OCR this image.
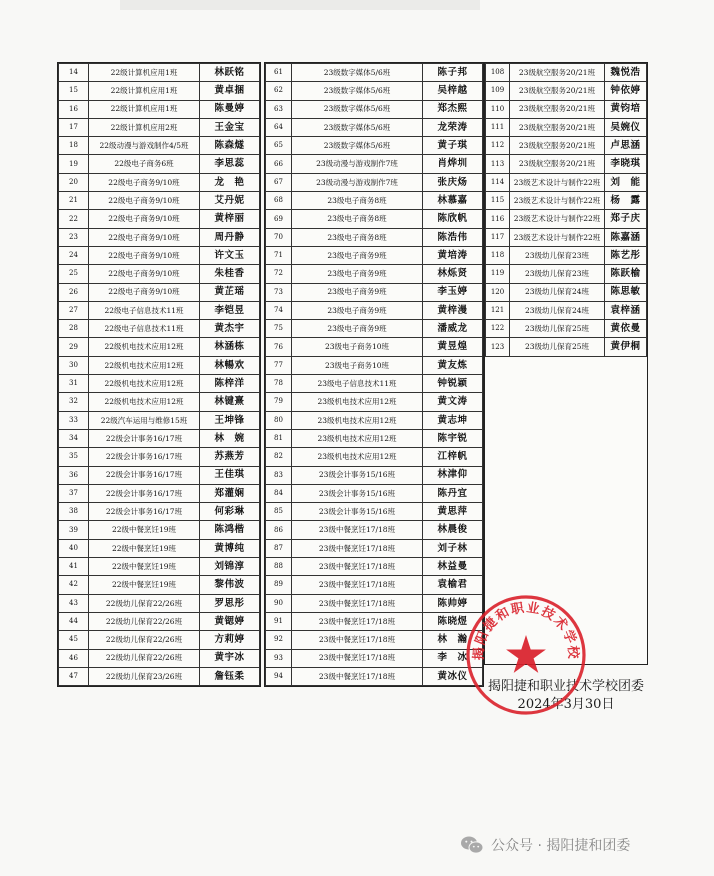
14	22级计算机应用1班	林跃铭
15	22级计算机应用1班	黄卓捆
16	22级计算机应用1班	陈曼婷
17	22级计算机应用2班	王金宝
18	22级动漫与游戏制作4/5班	陈森燧
19	22级电子商务6班	李思蕊
20	22级电子商务9/10班	龙　艳
21	22级电子商务9/10班	艾丹妮
22	22级电子商务9/10班	黄梓丽
23	22级电子商务9/10班	周丹静
24	22级电子商务9/10班	许文玉
25	22级电子商务9/10班	朱桂香
26	22级电子商务9/10班	黄芷瑶
27	22级电子信息技术11班	李铠昱
28	22级电子信息技术11班	黄杰宇
29	22级机电技术应用12班	林涵栋
30	22级机电技术应用12班	林暢欢
31	22级机电技术应用12班	陈梓洋
32	22级机电技术应用12班	林键熹
33	22级汽车运用与维修15班	王坤锋
34	22级会计事务16/17班	林　婉
35	22级会计事务16/17班	苏燕芳
36	22级会计事务16/17班	王佳琪
37	22级会计事务16/17班	郑灌娴
38	22级会计事务16/17班	何彩琳
39	22级中餐烹饪19班	陈鸿楷
40	22级中餐烹饪19班	黄博纯
41	22级中餐烹饪19班	刘锦淳
42	22级中餐烹饪19班	黎伟波
43	22级幼儿保育22/26班	罗思彤
44	22级幼儿保育22/26班	黄锶婷
45	22级幼儿保育22/26班	方莉婷
46	22级幼儿保育22/26班	黄宇冰
47	22级幼儿保育23/26班	詹钰柔
61	23级数字媒体5/6班	陈子邦
62	23级数字媒体5/6班	吴梓越
63	23级数字媒体5/6班	郑杰熙
64	23级数字媒体5/6班	龙荣涛
65	23级数字媒体5/6班	黄子琪
66	23级动漫与游戏制作7班	肖烨圳
67	23级动漫与游戏制作7班	张庆炀
68	23级电子商务8班	林慕嘉
69	23级电子商务8班	陈欣帆
70	23级电子商务8班	陈浩伟
71	23级电子商务9班	黄培涛
72	23级电子商务9班	林烁贤
73	23级电子商务9班	李玉婷
74	23级电子商务9班	黄梓漫
75	23级电子商务9班	潘威龙
76	23级电子商务10班	黄昱煌
77	23级电子商务10班	黄友炼
78	23级电子信息技术11班	钟锐颖
79	23级机电技术应用12班	黄文涛
80	23级机电技术应用12班	黄志坤
81	23级机电技术应用12班	陈宇锐
82	23级机电技术应用12班	江梓帆
83	23级会计事务15/16班	林津仰
84	23级会计事务15/16班	陈丹宜
85	23级会计事务15/16班	黄思萍
86	23级中餐烹饪17/18班	林晨俊
87	23级中餐烹饪17/18班	刘子林
88	23级中餐烹饪17/18班	林益曼
89	23级中餐烹饪17/18班	袁榆君
90	23级中餐烹饪17/18班	陈帅婷
91	23级中餐烹饪17/18班	陈晓煜
92	23级中餐烹饪17/18班	林　瀚
93	23级中餐烹饪17/18班	李　冰
94	23级中餐烹饪17/18班	黄冰仪
108	23级航空服务20/21班	魏悦浩
109	23级航空服务20/21班	钟依婷
110	23级航空服务20/21班	黄钧培
111	23级航空服务20/21班	吴婉仪
112	23级航空服务20/21班	卢思涵
113	23级航空服务20/21班	李晓琪
114	23级艺术设计与制作22班	刘　能
115	23级艺术设计与制作22班	杨　露
116	23级艺术设计与制作22班	郑子庆
117	23级艺术设计与制作22班	陈嘉涵
118	23级幼儿保育23班	陈艺彤
119	23级幼儿保育23班	陈跃榆
120	23级幼儿保育24班	陈思敏
121	23级幼儿保育24班	袁梓涵
122	23级幼儿保育25班	黄依曼
123	23级幼儿保育25班	黄伊桐
揭阳捷和职业技术学校团委
2024年3月30日
揭阳捷和职业技术学校
公众号 · 揭阳捷和团委
